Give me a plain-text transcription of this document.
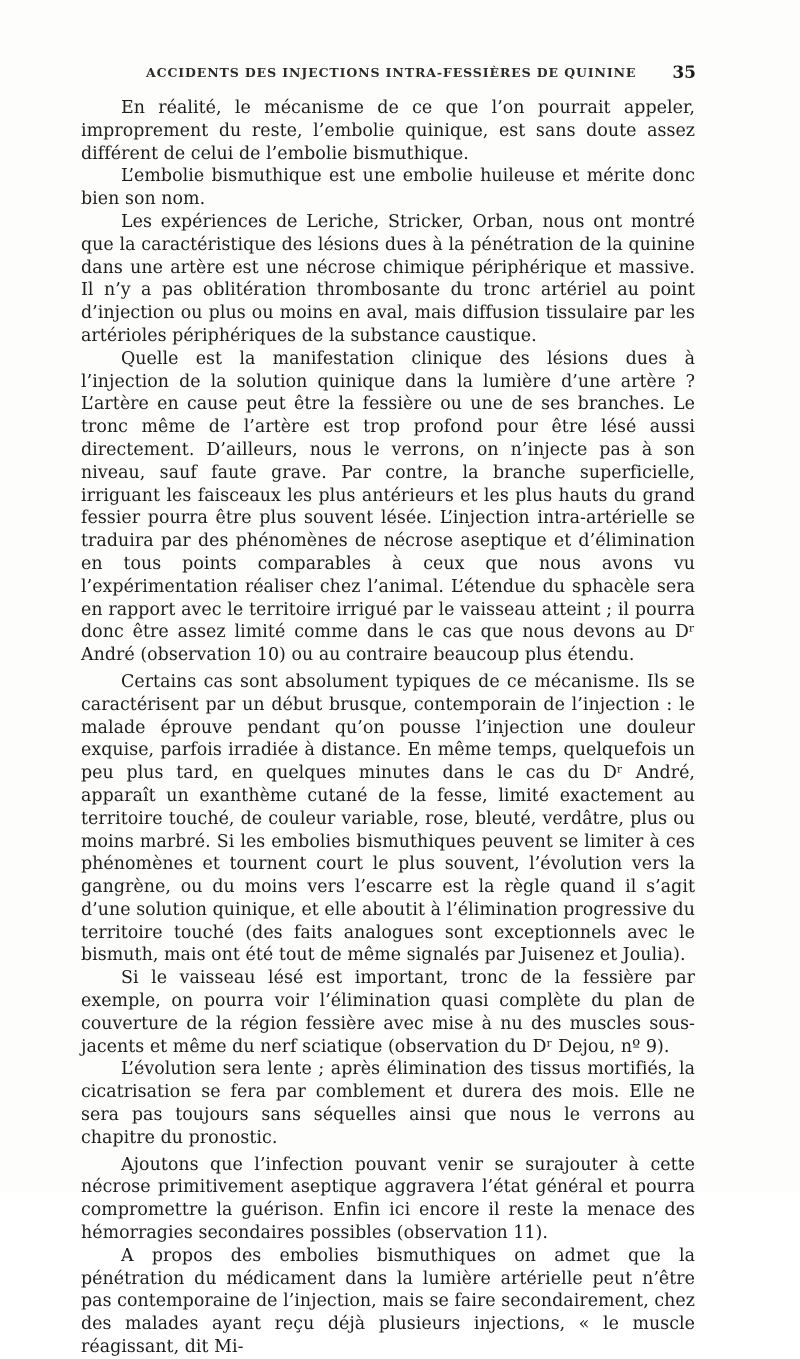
ACCIDENTS DES INJECTIONS INTRA-FESSIÈRES DE QUININE 35

En réalité, le mécanisme de ce que l’on pourrait appeler, improprement du reste, l’embolie quinique, est sans doute assez différent de celui de l’embolie bismuthique.

L’embolie bismuthique est une embolie huileuse et mérite donc bien son nom.

Les expériences de Leriche, Stricker, Orban, nous ont montré que la caractéristique des lésions dues à la pénétration de la quinine dans une artère est une nécrose chimique périphérique et massive. Il n’y a pas oblitération thrombosante du tronc artériel au point d’injection ou plus ou moins en aval, mais diffusion tissulaire par les artérioles périphériques de la substance caustique.

Quelle est la manifestation clinique des lésions dues à l’injection de la solution quinique dans la lumière d’une artère ? L’artère en cause peut être la fessière ou une de ses branches. Le tronc même de l’artère est trop profond pour être lésé aussi directement. D’ailleurs, nous le verrons, on n’injecte pas à son niveau, sauf faute grave. Par contre, la branche superficielle, irriguant les faisceaux les plus antérieurs et les plus hauts du grand fessier pourra être plus souvent lésée. L’injection intra-artérielle se traduira par des phénomènes de nécrose aseptique et d’élimination en tous points comparables à ceux que nous avons vu l’expérimentation réaliser chez l’animal. L’étendue du sphacèle sera en rapport avec le territoire irrigué par le vaisseau atteint ; il pourra donc être assez limité comme dans le cas que nous devons au Dʳ André (observation 10) ou au contraire beaucoup plus étendu.

Certains cas sont absolument typiques de ce mécanisme. Ils se caractérisent par un début brusque, contemporain de l’injection : le malade éprouve pendant qu’on pousse l’injection une douleur exquise, parfois irradiée à distance. En même temps, quelquefois un peu plus tard, en quelques minutes dans le cas du Dʳ André, apparaît un exanthème cutané de la fesse, limité exactement au territoire touché, de couleur variable, rose, bleuté, verdâtre, plus ou moins marbré. Si les embolies bismuthiques peuvent se limiter à ces phénomènes et tournent court le plus souvent, l’évolution vers la gangrène, ou du moins vers l’escarre est la règle quand il s’agit d’une solution quinique, et elle aboutit à l’élimination progressive du territoire touché (des faits analogues sont exceptionnels avec le bismuth, mais ont été tout de même signalés par Juisenez et Joulia).

Si le vaisseau lésé est important, tronc de la fessière par exemple, on pourra voir l’élimination quasi complète du plan de couverture de la région fessière avec mise à nu des muscles sous-jacents et même du nerf sciatique (observation du Dʳ Dejou, nº 9).

L’évolution sera lente ; après élimination des tissus mortifiés, la cicatrisation se fera par comblement et durera des mois. Elle ne sera pas toujours sans séquelles ainsi que nous le verrons au chapitre du pronostic.

Ajoutons que l’infection pouvant venir se surajouter à cette nécrose primitivement aseptique aggravera l’état général et pourra compromettre la guérison. Enfin ici encore il reste la menace des hémorragies secondaires possibles (observation 11).

A propos des embolies bismuthiques on admet que la pénétration du médicament dans la lumière artérielle peut n’être pas contemporaine de l’injection, mais se faire secondairement, chez des malades ayant reçu déjà plusieurs injections, « le muscle réagissant, dit Mi-
